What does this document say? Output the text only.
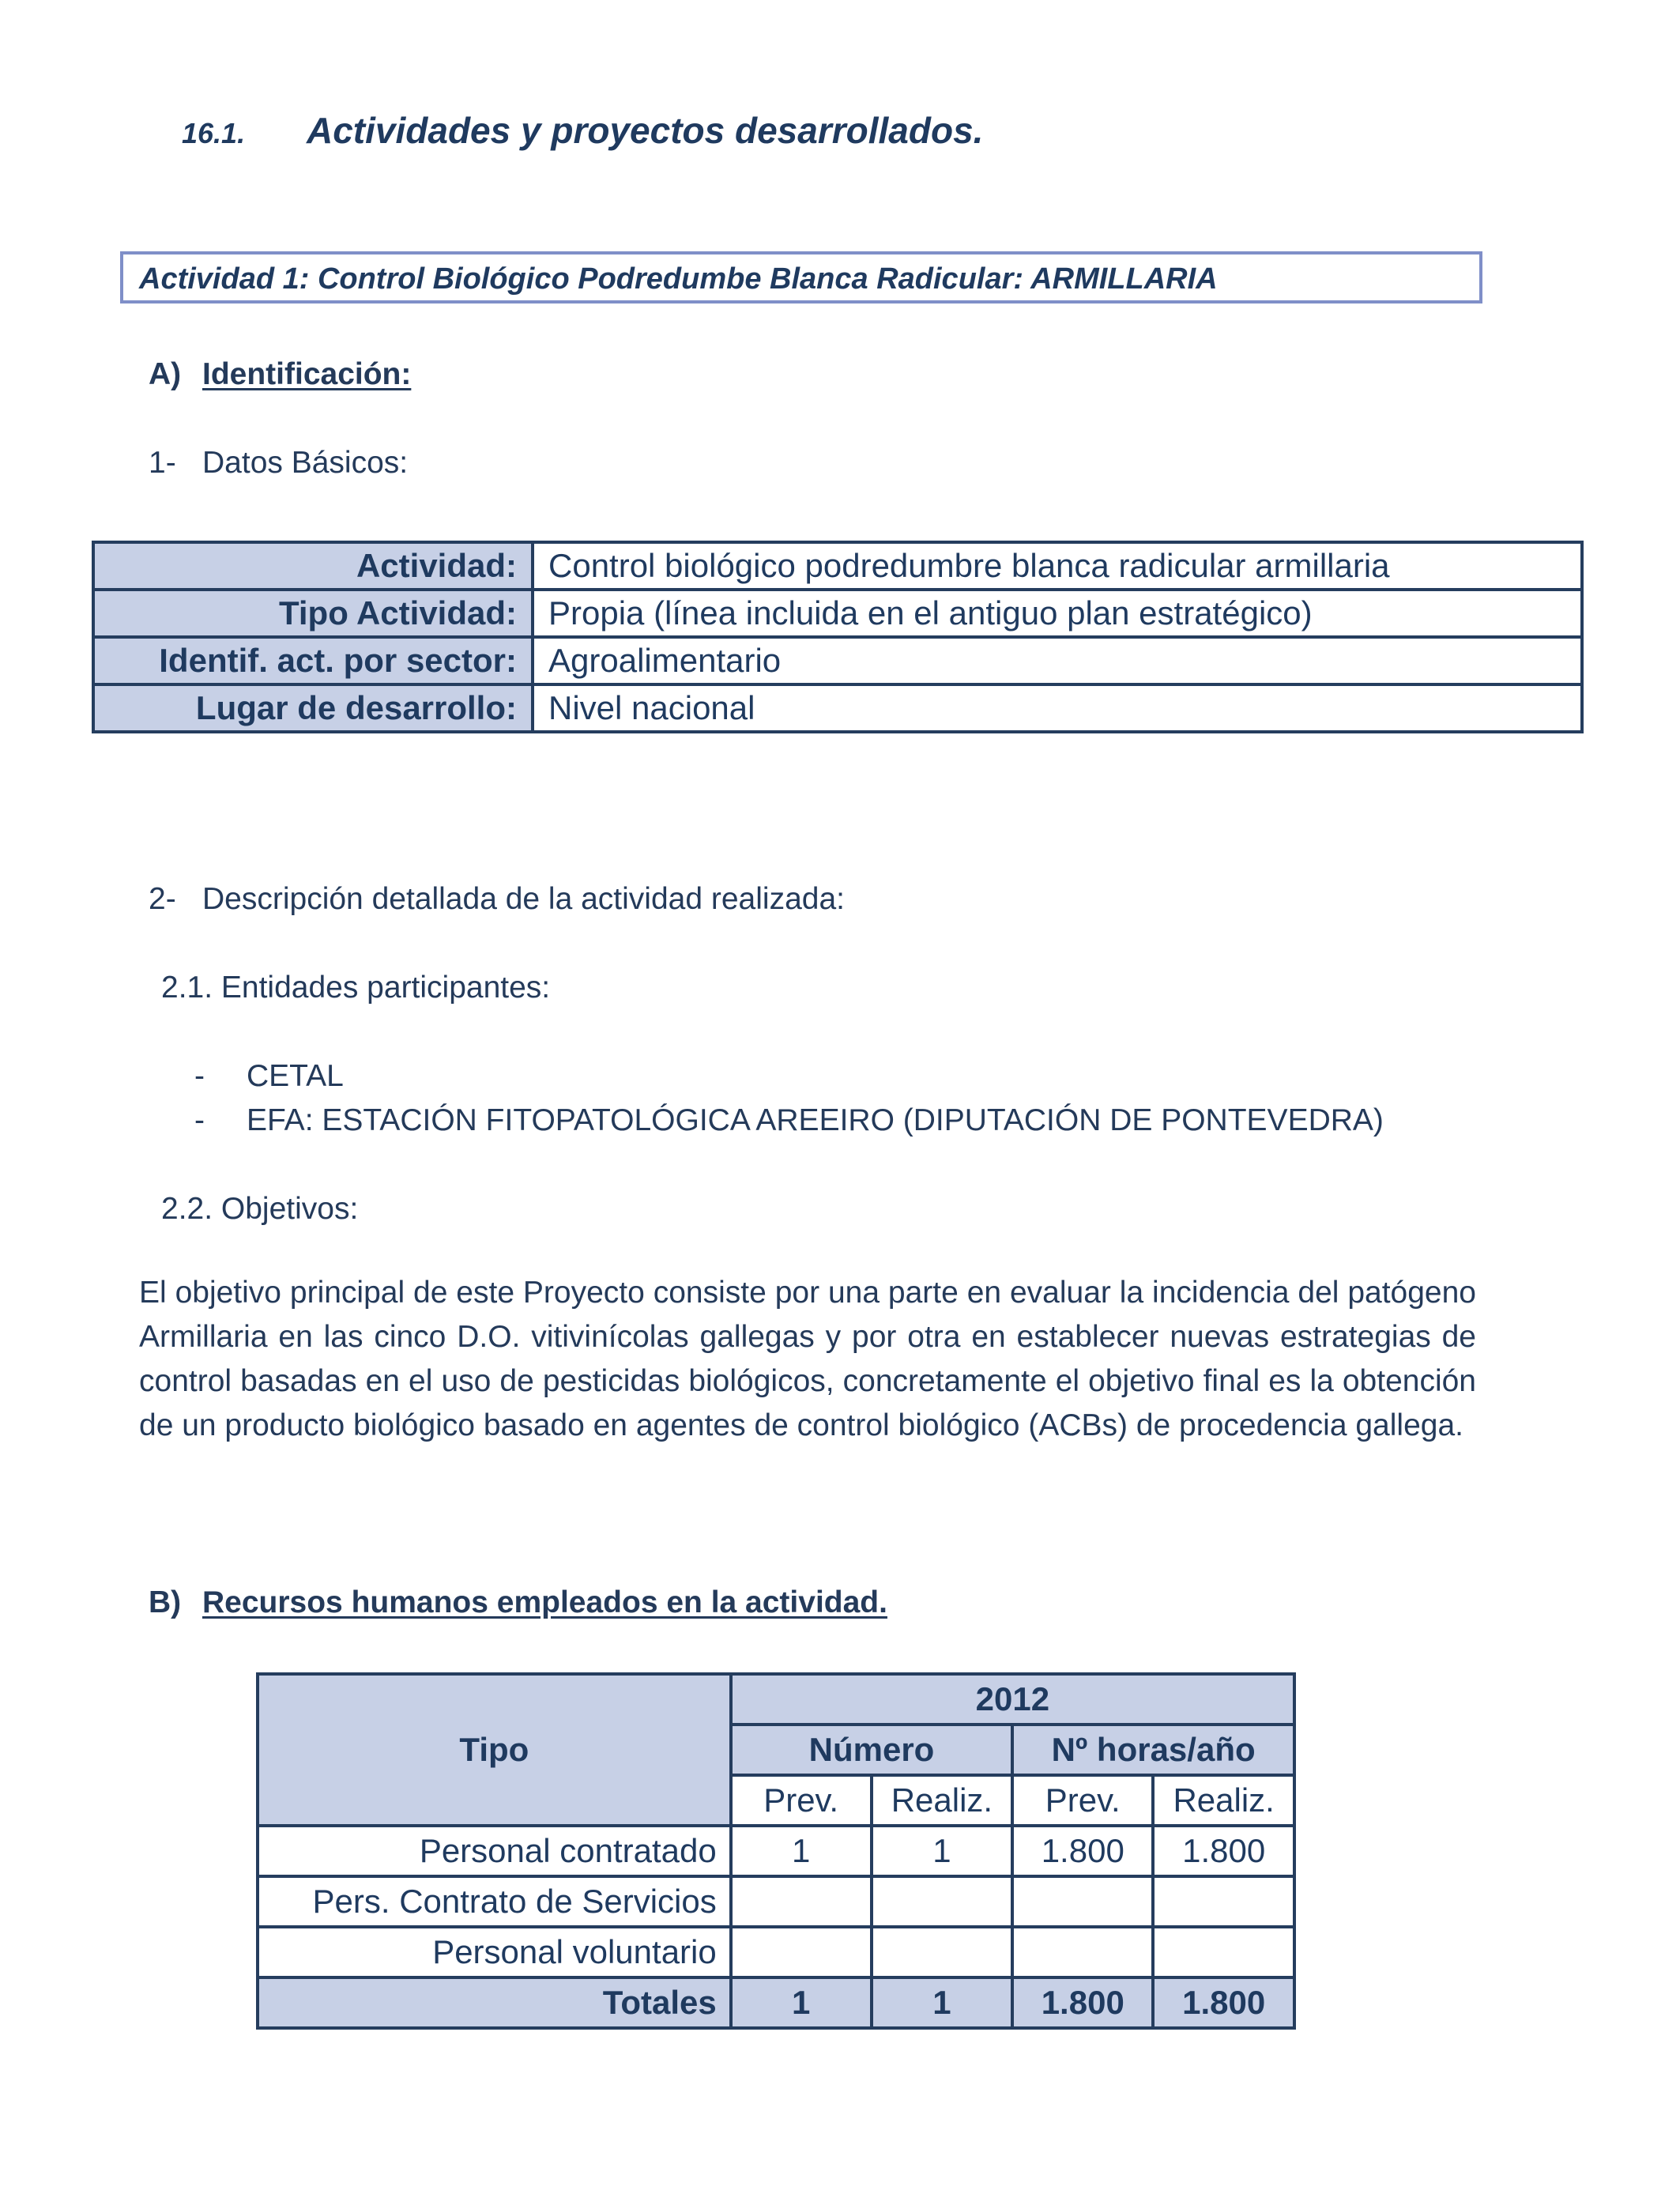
16.1. Actividades y proyectos desarrollados.
Actividad 1: Control Biológico Podredumbe Blanca Radicular: ARMILLARIA
A) Identificación:
1- Datos Básicos:
Actividad:	Control biológico podredumbre blanca radicular armillaria
Tipo Actividad:	Propia (línea incluida en el antiguo plan estratégico)
Identif. act. por sector:	Agroalimentario
Lugar de desarrollo:	Nivel nacional
2- Descripción detallada de la actividad realizada:
2.1. Entidades participantes:
- CETAL
- EFA: ESTACIÓN FITOPATOLÓGICA AREEIRO (DIPUTACIÓN DE PONTEVEDRA)
2.2. Objetivos:
El objetivo principal de este Proyecto consiste por una parte en evaluar la incidencia del patógeno Armillaria en las cinco D.O. vitivinícolas gallegas y por otra en establecer nuevas estrategias de control basadas en el uso de pesticidas biológicos, concretamente el objetivo final es la obtención de un producto biológico basado en agentes de control biológico (ACBs) de procedencia gallega.
B) Recursos humanos empleados en la actividad.
Tipo	2012			
	Número		Nº horas/año	
	Prev.	Realiz.	Prev.	Realiz.
Personal contratado	1	1	1.800	1.800
Pers. Contrato de Servicios				
Personal voluntario				
Totales	1	1	1.800	1.800
